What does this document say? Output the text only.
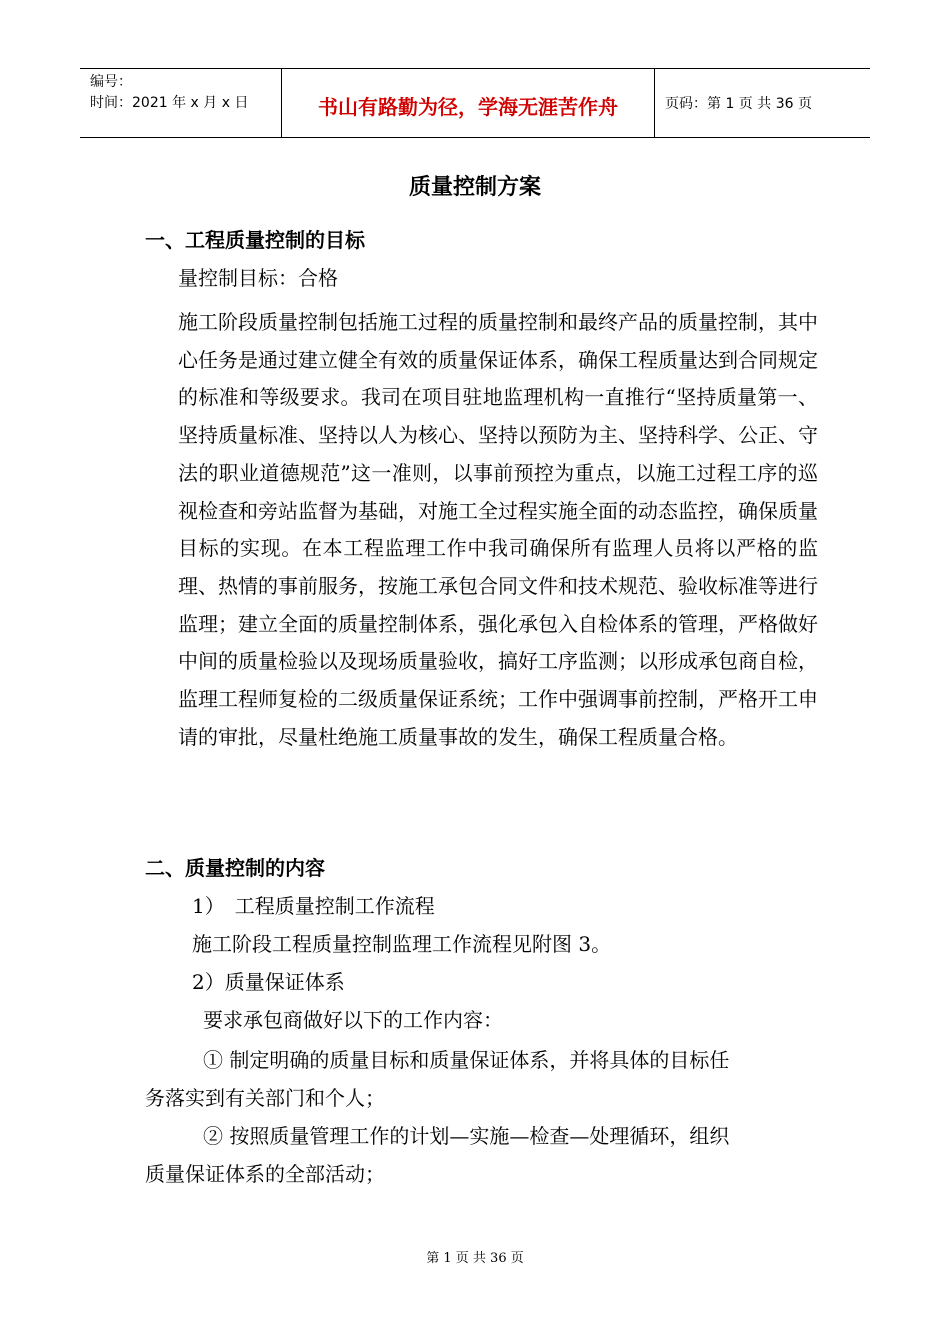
编号：
时间：2021 年 x 月 x 日	书山有路勤为径，学海无涯苦作舟	页码：第 1 页 共 36 页
质量控制方案
一、工程质量控制的目标
量控制目标：合格

施工阶段质量控制包括施工过程的质量控制和最终产品的质量控制，其中心任务是通过建立健全有效的质量保证体系，确保工程质量达到合同规定的标准和等级要求。我司在项目驻地监理机构一直推行“坚持质量第一、坚持质量标准、坚持以人为核心、坚持以预防为主、坚持科学、公正、守法的职业道德规范”这一准则，以事前预控为重点，以施工过程工序的巡视检查和旁站监督为基础，对施工全过程实施全面的动态监控，确保质量目标的实现。在本工程监理工作中我司确保所有监理人员将以严格的监理、热情的事前服务，按施工承包合同文件和技术规范、验收标准等进行监理；建立全面的质量控制体系，强化承包入自检体系的管理，严格做好中间的质量检验以及现场质量验收，搞好工序监测；以形成承包商自检，监理工程师复检的二级质量保证系统；工作中强调事前控制，严格开工申请的审批，尽量杜绝施工质量事故的发生，确保工程质量合格。

二、质量控制的内容
1）　工程质量控制工作流程
施工阶段工程质量控制监理工作流程见附图 3。
2）质量保证体系
要求承包商做好以下的工作内容：
① 制定明确的质量目标和质量保证体系，并将具体的目标任
务落实到有关部门和个人；
② 按照质量管理工作的计划—实施—检查—处理循环，组织
质量保证体系的全部活动；
第 1 页 共 36 页
